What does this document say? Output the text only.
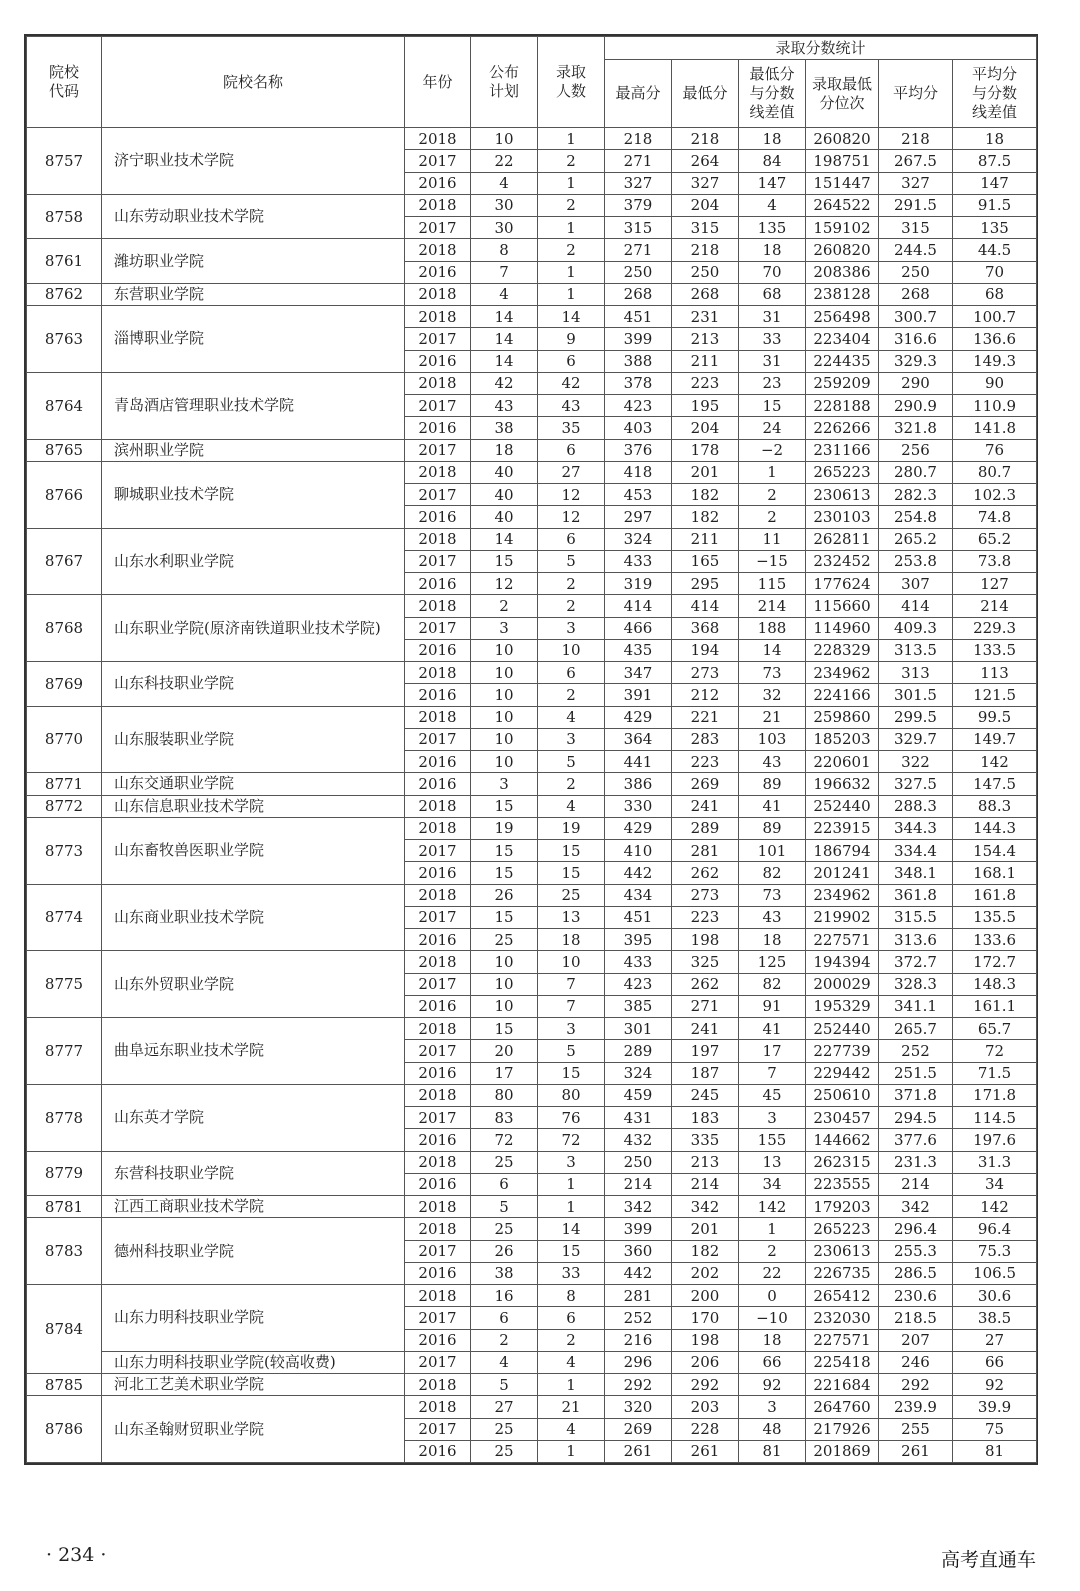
院校代码	院校名称	年份	公布计划	录取人数	录取分数统计					
					最高分	最低分	最低分与分数线差值	录取最低分位次	平均分	平均分与分数线差值

8757	济宁职业技术学院	2018	10	1	218	218	18	260820	218	18
		2017	22	2	271	264	84	198751	267.5	87.5
		2016	4	1	327	327	147	151447	327	147
8758	山东劳动职业技术学院	2018	30	2	379	204	4	264522	291.5	91.5
		2017	30	1	315	315	135	159102	315	135
8761	潍坊职业学院	2018	8	2	271	218	18	260820	244.5	44.5
		2016	7	1	250	250	70	208386	250	70
8762	东营职业学院	2018	4	1	268	268	68	238128	268	68
8763	淄博职业学院	2018	14	14	451	231	31	256498	300.7	100.7
		2017	14	9	399	213	33	223404	316.6	136.6
		2016	14	6	388	211	31	224435	329.3	149.3
8764	青岛酒店管理职业技术学院	2018	42	42	378	223	23	259209	290	90
		2017	43	43	423	195	15	228188	290.9	110.9
		2016	38	35	403	204	24	226266	321.8	141.8
8765	滨州职业学院	2017	18	6	376	178	−2	231166	256	76
8766	聊城职业技术学院	2018	40	27	418	201	1	265223	280.7	80.7
		2017	40	12	453	182	2	230613	282.3	102.3
		2016	40	12	297	182	2	230103	254.8	74.8
8767	山东水利职业学院	2018	14	6	324	211	11	262811	265.2	65.2
		2017	15	5	433	165	−15	232452	253.8	73.8
		2016	12	2	319	295	115	177624	307	127
8768	山东职业学院(原济南铁道职业技术学院)	2018	2	2	414	414	214	115660	414	214
		2017	3	3	466	368	188	114960	409.3	229.3
		2016	10	10	435	194	14	228329	313.5	133.5
8769	山东科技职业学院	2018	10	6	347	273	73	234962	313	113
		2016	10	2	391	212	32	224166	301.5	121.5
8770	山东服装职业学院	2018	10	4	429	221	21	259860	299.5	99.5
		2017	10	3	364	283	103	185203	329.7	149.7
		2016	10	5	441	223	43	220601	322	142
8771	山东交通职业学院	2016	3	2	386	269	89	196632	327.5	147.5
8772	山东信息职业技术学院	2018	15	4	330	241	41	252440	288.3	88.3
8773	山东畜牧兽医职业学院	2018	19	19	429	289	89	223915	344.3	144.3
		2017	15	15	410	281	101	186794	334.4	154.4
		2016	15	15	442	262	82	201241	348.1	168.1
8774	山东商业职业技术学院	2018	26	25	434	273	73	234962	361.8	161.8
		2017	15	13	451	223	43	219902	315.5	135.5
		2016	25	18	395	198	18	227571	313.6	133.6
8775	山东外贸职业学院	2018	10	10	433	325	125	194394	372.7	172.7
		2017	10	7	423	262	82	200029	328.3	148.3
		2016	10	7	385	271	91	195329	341.1	161.1
8777	曲阜远东职业技术学院	2018	15	3	301	241	41	252440	265.7	65.7
		2017	20	5	289	197	17	227739	252	72
		2016	17	15	324	187	7	229442	251.5	71.5
8778	山东英才学院	2018	80	80	459	245	45	250610	371.8	171.8
		2017	83	76	431	183	3	230457	294.5	114.5
		2016	72	72	432	335	155	144662	377.6	197.6
8779	东营科技职业学院	2018	25	3	250	213	13	262315	231.3	31.3
		2016	6	1	214	214	34	223555	214	34
8781	江西工商职业技术学院	2018	5	1	342	342	142	179203	342	142
8783	德州科技职业学院	2018	25	14	399	201	1	265223	296.4	96.4
		2017	26	15	360	182	2	230613	255.3	75.3
		2016	38	33	442	202	22	226735	286.5	106.5
8784	山东力明科技职业学院	2018	16	8	281	200	0	265412	230.6	30.6
		2017	6	6	252	170	−10	232030	218.5	38.5
		2016	2	2	216	198	18	227571	207	27
	山东力明科技职业学院(较高收费)	2017	4	4	296	206	66	225418	246	66
8785	河北工艺美术职业学院	2018	5	1	292	292	92	221684	292	92
8786	山东圣翰财贸职业学院	2018	27	21	320	203	3	264760	239.9	39.9
		2017	25	4	269	228	48	217926	255	75
		2016	25	1	261	261	81	201869	261	81
· 234 ·	高考直通车
